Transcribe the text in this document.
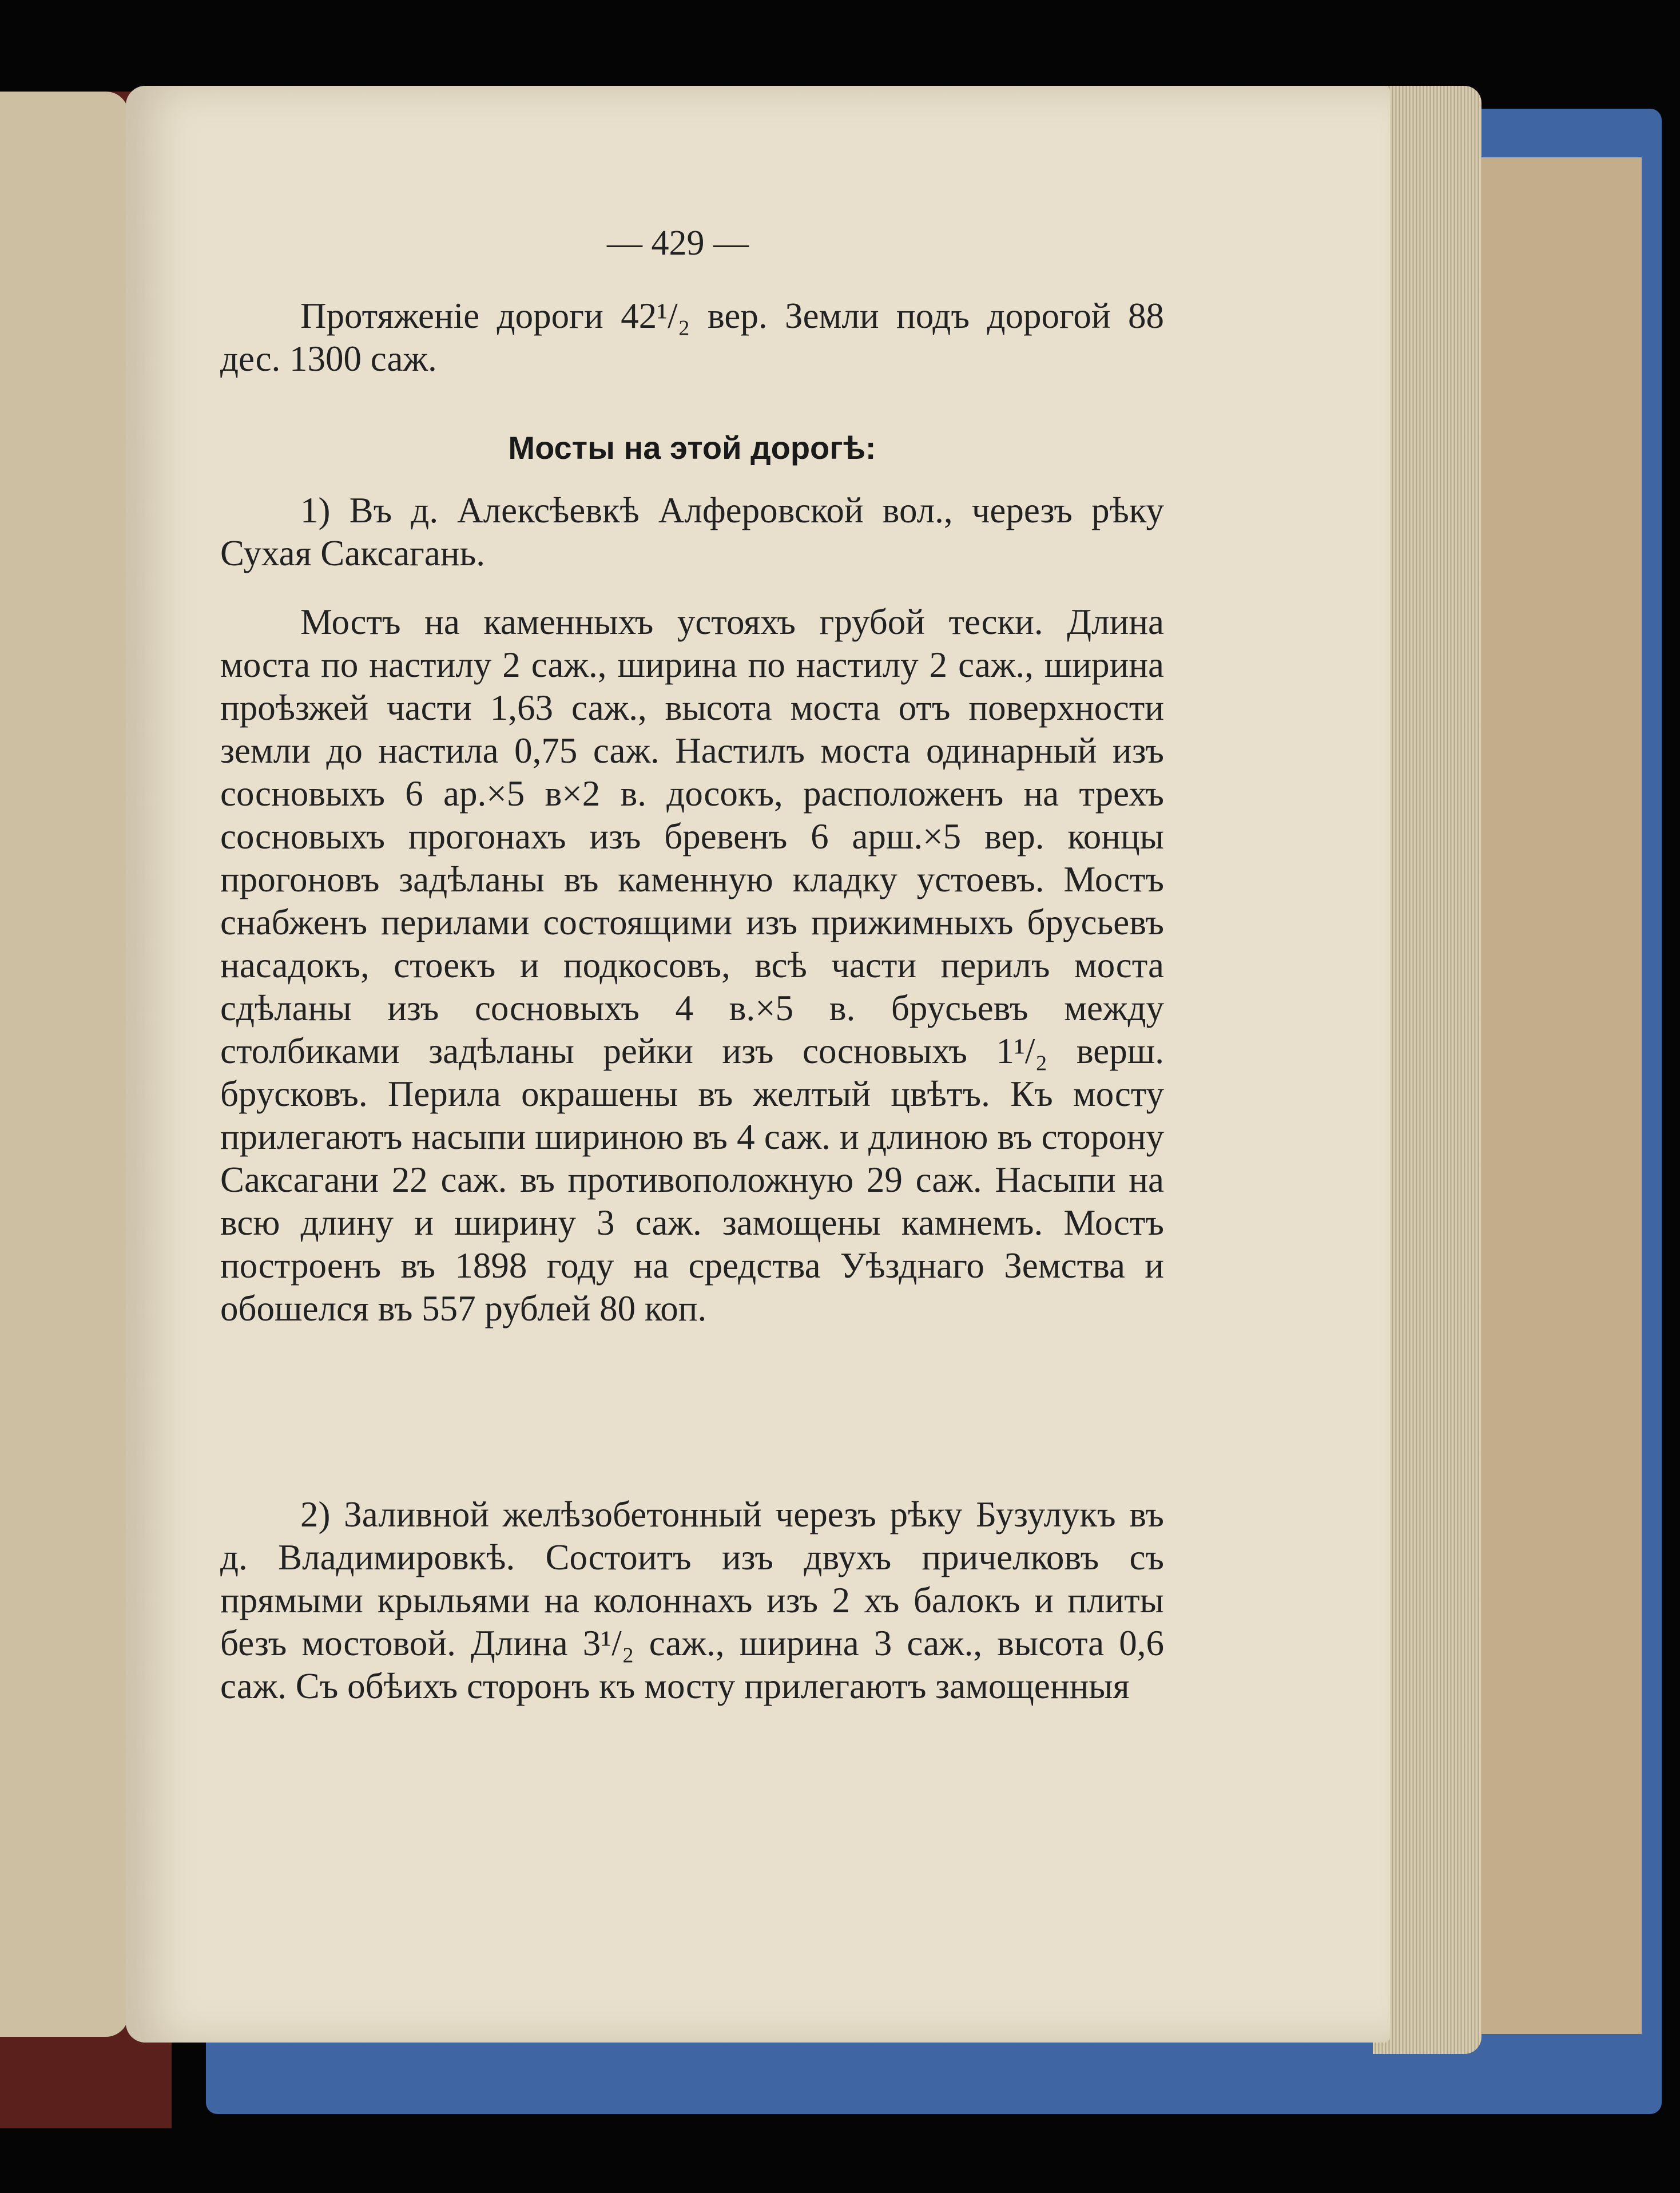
— 429 —

Протяженіе дороги 42¹/₂ вер. Земли подъ дорогой 88 дес. 1300 саж.

Мосты на этой дорогѣ:

1) Въ д. Алексѣевкѣ Алферовской вол., черезъ рѣку Сухая Саксагань.

Мостъ на каменныхъ устояхъ грубой тески. Длина моста по настилу 2 саж., ширина по настилу 2 саж., ширина проѣзжей части 1,63 саж., высота моста отъ поверхности земли до настила 0,75 саж. Настилъ моста одинарный изъ сосновыхъ 6 ар.×5 в×2 в. досокъ, расположенъ на трехъ сосновыхъ прогонахъ изъ бревенъ 6 арш.×5 вер. концы прогоновъ задѣланы въ каменную кладку устоевъ. Мостъ снабженъ перилами состоящими изъ прижимныхъ брусьевъ насадокъ, стоекъ и подкосовъ, всѣ части перилъ моста сдѣланы изъ сосновыхъ 4 в.×5 в. брусьевъ между столбиками задѣланы рейки изъ сосновыхъ 1¹/₂ верш. брусковъ. Перила окрашены въ желтый цвѣтъ. Къ мосту прилегаютъ насыпи шириною въ 4 саж. и длиною въ сторону Саксагани 22 саж. въ противоположную 29 саж. Насыпи на всю длину и ширину 3 саж. замощены камнемъ. Мостъ построенъ въ 1898 году на средства Уѣзднаго Земства и обошелся въ 557 рублей 80 коп.

2) Заливной желѣзобетонный черезъ рѣку Бузулукъ въ д. Владимировкѣ. Состоитъ изъ двухъ причелковъ съ прямыми крыльями на колоннахъ изъ 2 хъ балокъ и плиты безъ мостовой. Длина 3¹/₂ саж., ширина 3 саж., высота 0,6 саж. Съ обѣихъ сторонъ къ мосту прилегаютъ замощенныя
